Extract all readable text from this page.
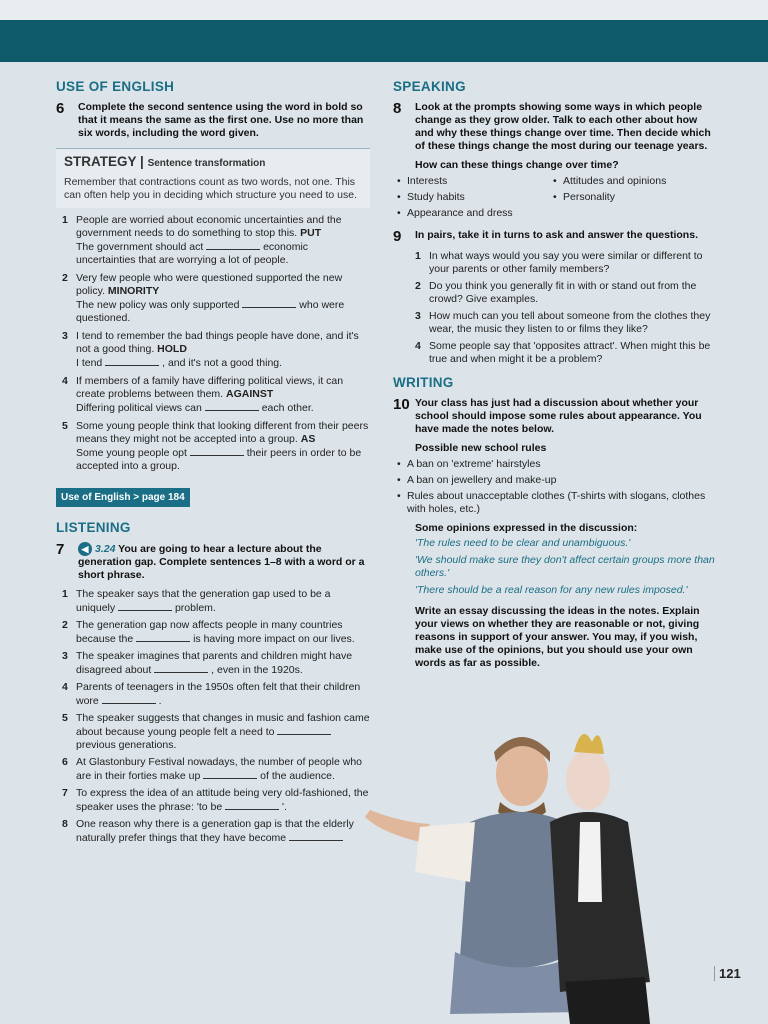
USE OF ENGLISH
6	Complete the second sentence using the word in bold so that it means the same as the first one. Use no more than six words, including the word given.
STRATEGY | Sentence transformation
Remember that contractions count as two words, not one. This can often help you in deciding which structure you need to use.
1 People are worried about economic uncertainties and the government needs to do something to stop this. PUT
The government should act	economic uncertainties that are worrying a lot of people.
2 Very few people who were questioned supported the new policy. MINORITY
The new policy was only supported	who were questioned.
3 I tend to remember the bad things people have done, and it's not a good thing. HOLD
I tend	, and it's not a good thing.
4 If members of a family have differing political views, it can create problems between them. AGAINST
Differing political views can	each other.
5 Some young people think that looking different from their peers means they might not be accepted into a group. AS
Some young people opt	their peers in order to be accepted into a group.
Use of English > page 184
LISTENING
7	◀ 3.24 You are going to hear a lecture about the generation gap. Complete sentences 1–8 with a word or a short phrase.
1 The speaker says that the generation gap used to be a uniquely	problem.
2 The generation gap now affects people in many countries because the	is having more impact on our lives.
3 The speaker imagines that parents and children might have disagreed about	, even in the 1920s.
4 Parents of teenagers in the 1950s often felt that their children wore	.
5 The speaker suggests that changes in music and fashion came about because young people felt a need to  previous generations.
6 At Glastonbury Festival nowadays, the number of people who are in their forties make up	of the audience.
7 To express the idea of an attitude being very old-fashioned, the speaker uses the phrase: 'to be	'.
8 One reason why there is a generation gap is that the elderly naturally prefer things that they have become
SPEAKING
8	Look at the prompts showing some ways in which people change as they grow older. Talk to each other about how and why these things change over time. Then decide which of these things change the most during our teenage years.
How can these things change over time?
• Interests	• Attitudes and opinions
• Study habits	• Personality
• Appearance and dress
9	In pairs, take it in turns to ask and answer the questions.
1 In what ways would you say you were similar or different to your parents or other family members?
2 Do you think you generally fit in with or stand out from the crowd? Give examples.
3 How much can you tell about someone from the clothes they wear, the music they listen to or films they like?
4 Some people say that 'opposites attract'. When might this be true and when might it be a problem?
WRITING
10 Your class has just had a discussion about whether your school should impose some rules about appearance. You have made the notes below.
Possible new school rules
• A ban on 'extreme' hairstyles
• A ban on jewellery and make-up
• Rules about unacceptable clothes (T-shirts with slogans, clothes with holes, etc.)
Some opinions expressed in the discussion:
'The rules need to be clear and unambiguous.'
'We should make sure they don't affect certain groups more than others.'
'There should be a real reason for any new rules imposed.'
Write an essay discussing the ideas in the notes. Explain your views on whether they are reasonable or not, giving reasons in support of your answer. You may, if you wish, make use of the opinions, but you should use your own words as far as possible.
121
